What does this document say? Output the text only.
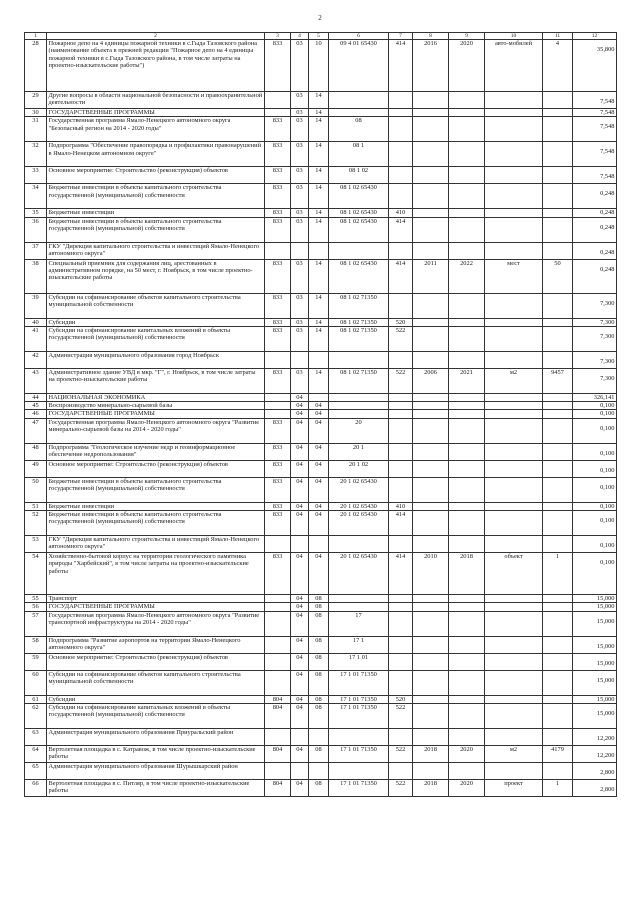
2
1	2	3	4	5	6	7	8	9	10	11	12
28	Пожарное депо на 4 единицы пожарной техники в с.Гыда Тазовского района (наименование объекта в прежней редакции "Пожарное депо на 4 единицы пожарной техники в с.Гыда Тазовского района, в том числе затраты на проектно-изыскательские работы")	833	03	10	09 4 01 65430	414	2016	2020	авто-мобилей	4	35,800

29	Другие вопросы в области национальной безопасности и правоохранительной деятельности		03	14							7,548

30	ГОСУДАРСТВЕННЫЕ ПРОГРАММЫ		03	14							7,548

31	Государственная программа Ямало-Ненецкого автономного округа "Безопасный регион на 2014 - 2020 годы"	833	03	14	08						7,548

32	Подпрограмма "Обеспечение правопорядка и профилактики правонарушений в Ямало-Ненецком автономном округе"	833	03	14	08 1						7,548

33	Основное мероприятие: Строительство (реконструкция) объектов	833	03	14	08 1 02						7,548

34	Бюджетные инвестиции в объекты капитального строительства государственной (муниципальной) собственности	833	03	14	08 1 02 65430						0,248

35	Бюджетные инвестиции	833	03	14	08 1 02 65430	410					0,248

36	Бюджетные инвестиции в объекты капитального строительства государственной (муниципальной) собственности	833	03	14	08 1 02 65430	414					0,248

37	ГКУ "Дирекция капитального строительства и инвестиций Ямало-Ненецкого автономного округа"										0,248

38	Специальный приемник для содержания лиц, арестованных в административном порядке, на 50 мест, г. Ноябрьск, в том числе проектно-изыскательские работы	833	03	14	08 1 02 65430	414	2011	2022	мест	50	0,248

39	Субсидии на софинансирование объектов капитального строительства муниципальной собственности	833	03	14	08 1 02 71350						7,300

40	Субсидии	833	03	14	08 1 02 71350	520					7,300

41	Субсидии на софинансирование капитальных вложений в объекты государственной (муниципальной) собственности	833	03	14	08 1 02 71350	522					7,300

42	Администрация муниципального образования город Ноябрьск										7,300

43	Административное здание УВД в мкр. "Г", г. Ноябрьск, в том числе затраты на проектно-изыскательские работы	833	03	14	08 1 02 71350	522	2006	2021	м2	9457	7,300

44	НАЦИОНАЛЬНАЯ ЭКОНОМИКА		04								326,141

45	Воспроизводство минерально-сырьевой базы		04	04							0,100

46	ГОСУДАРСТВЕННЫЕ ПРОГРАММЫ		04	04							0,100

47	Государственная программа Ямало-Ненецкого автономного округа "Развитие минерально-сырьевой базы на 2014 - 2020 годы"	833	04	04	20						0,100

48	Подпрограмма "Геологическое изучение недр и геоинформационное обеспечение недропользования"	833	04	04	20 1						0,100

49	Основное мероприятие: Строительство (реконструкция) объектов	833	04	04	20 1 02						0,100

50	Бюджетные инвестиции в объекты капитального строительства государственной (муниципальной) собственности	833	04	04	20 1 02 65430						0,100

51	Бюджетные инвестиции	833	04	04	20 1 02 65430	410					0,100

52	Бюджетные инвестиции в объекты капитального строительства государственной (муниципальной) собственности	833	04	04	20 1 02 65430	414					0,100

53	ГКУ "Дирекция капитального строительства и инвестиций Ямало-Ненецкого автономного округа"										0,100

54	Хозяйственно-бытовой корпус на территории геологического памятника природы "Харбейский", в том числе затраты на проектно-изыскательские работы	833	04	04	20 1 02 65430	414	2010	2018	объект	1	0,100

55	Транспорт		04	08							15,000

56	ГОСУДАРСТВЕННЫЕ ПРОГРАММЫ		04	08							15,000

57	Государственная программа Ямало-Ненецкого автономного округа "Развитие транспортной инфраструктуры на 2014 - 2020 годы"		04	08	17						15,000

58	Подпрограмма "Развитие аэропортов на территории Ямало-Ненецкого автономного округа"		04	08	17 1						15,000

59	Основное мероприятие: Строительство (реконструкция) объектов		04	08	17 1 01						15,000

60	Субсидии на софинансирование объектов капитального строительства муниципальной собственности		04	08	17 1 01 71350						15,000

61	Субсидии	804	04	08	17 1 01 71350	520					15,000

62	Субсидии на софинансирование капитальных вложений в объекты государственной (муниципальной) собственности	804	04	08	17 1 01 71350	522					15,000

63	Администрация муниципального образования Приуральский район										12,200

64	Вертолетная площадка в с. Катравож, в том числе проектно-изыскательские работы	804	04	08	17 1 01 71350	522	2018	2020	м2	4179	12,200

65	Администрация муниципального образования Шурышкарский район										2,800

66	Вертолетная площадка в с. Питляр, в том числе проектно-изыскательские работы	804	04	08	17 1 01 71350	522	2018	2020	проект	1	2,800
